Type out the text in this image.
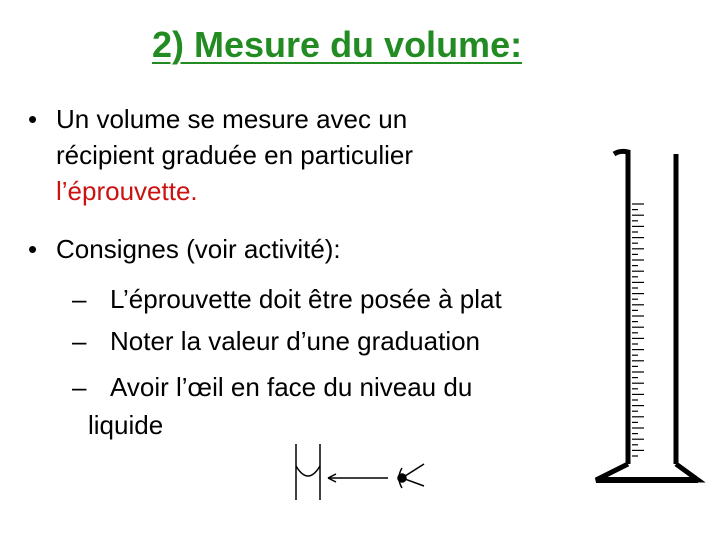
2) Mesure du volume:
• Un volume se mesure avec un
récipient graduée en particulier
l’éprouvette.
• Consignes (voir activité):
– L’éprouvette doit être posée à plat
– Noter la valeur d’une graduation
– Avoir l’œil en face du niveau du
liquide
